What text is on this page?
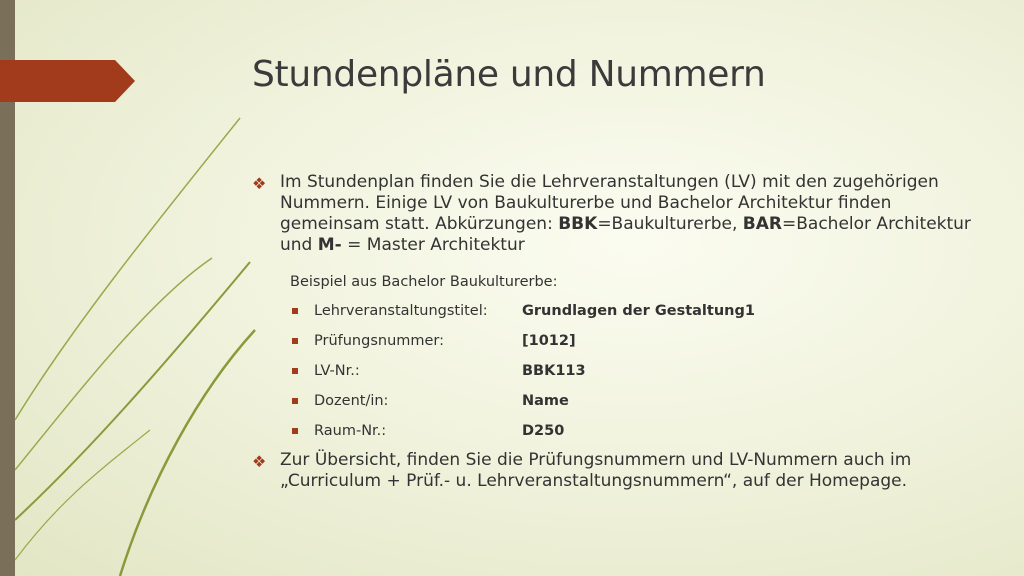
Stundenpläne und Nummern
❖ Im Stundenplan finden Sie die Lehrveranstaltungen (LV) mit den zugehörigen Nummern. Einige LV von Baukulturerbe und Bachelor Architektur finden gemeinsam statt. Abkürzungen: BBK=Baukulturerbe, BAR=Bachelor Architektur und M- = Master Architektur
Beispiel aus Bachelor Baukulturerbe:
Lehrveranstaltungstitel: Grundlagen der Gestaltung1
Prüfungsnummer:	[1012]
LV-Nr.:	BBK113
Dozent/in:	Name
Raum-Nr.:	D250
❖ Zur Übersicht, finden Sie die Prüfungsnummern und LV-Nummern auch im „Curriculum + Prüf.- u. Lehrveranstaltungsnummern“, auf der Homepage.
